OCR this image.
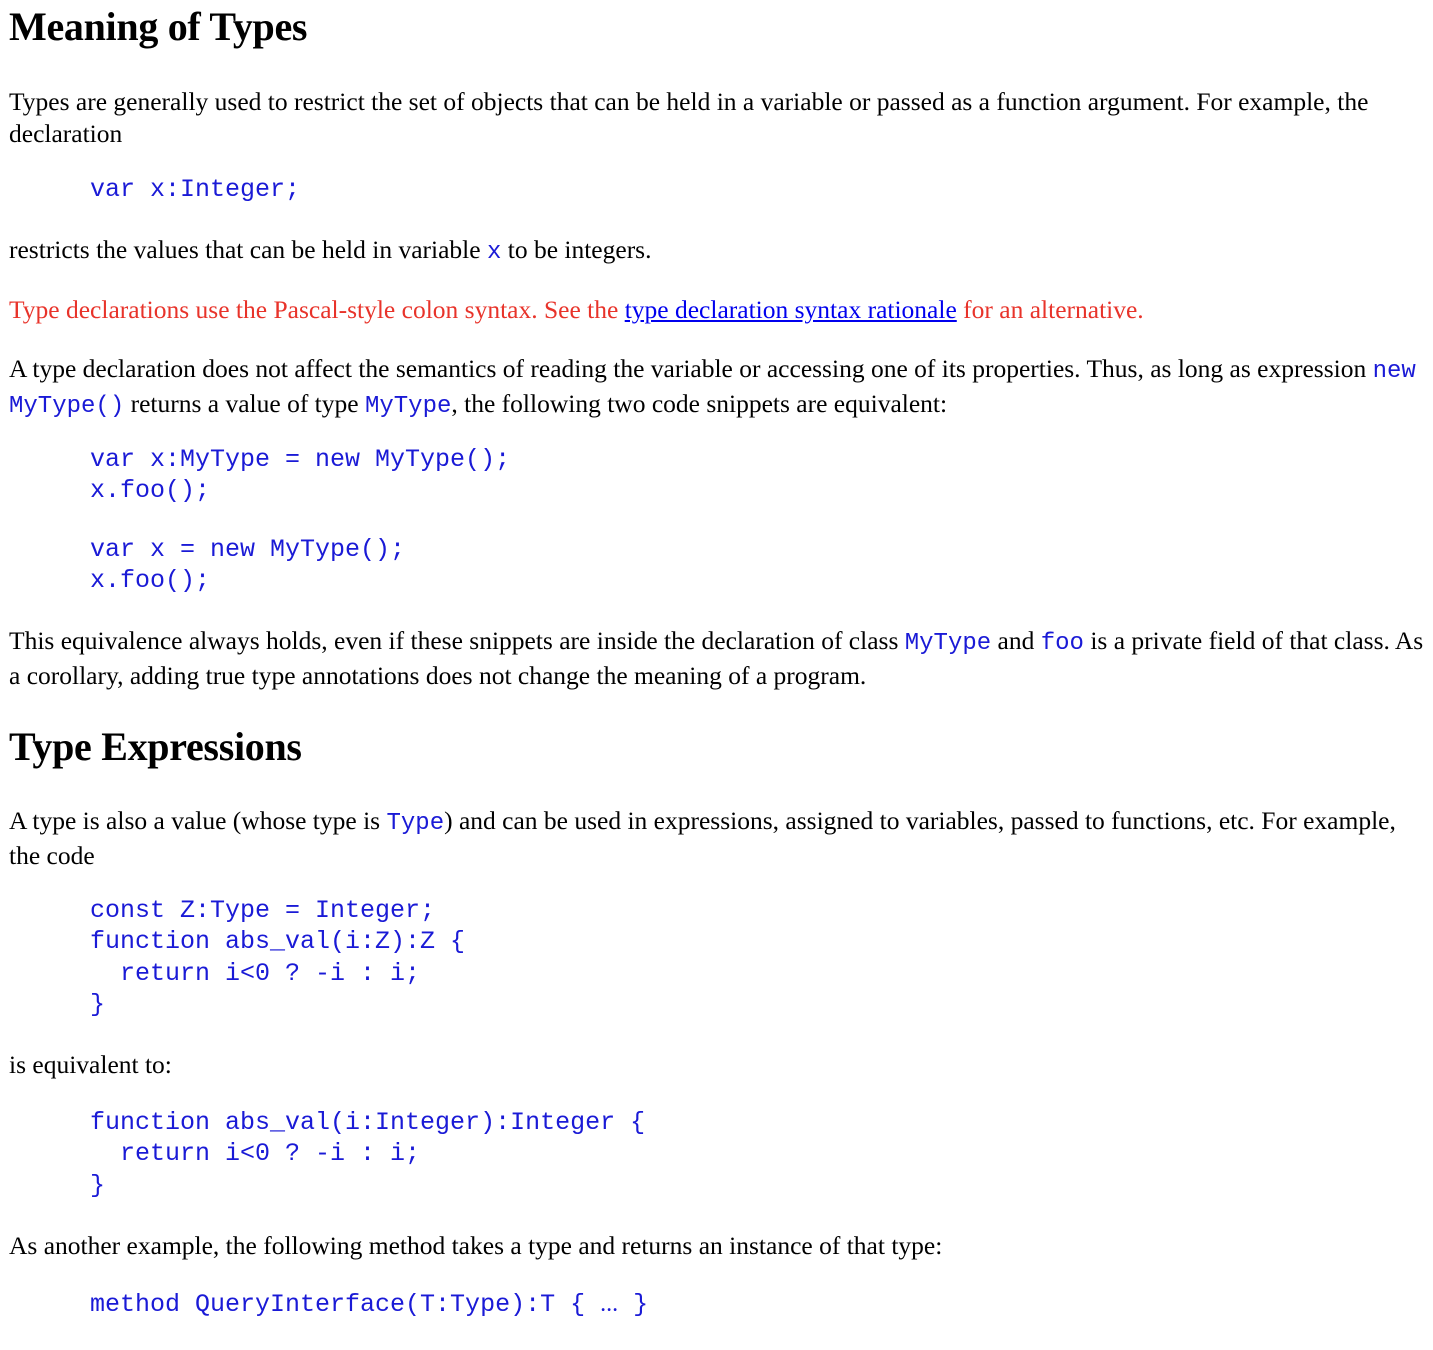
Meaning of Types

Types are generally used to restrict the set of objects that can be held in a variable or passed as a function argument. For example, the declaration

var x:Integer;

restricts the values that can be held in variable x to be integers.

Type declarations use the Pascal-style colon syntax. See the type declaration syntax rationale for an alternative.

A type declaration does not affect the semantics of reading the variable or accessing one of its properties. Thus, as long as expression new MyType() returns a value of type MyType, the following two code snippets are equivalent:

var x:MyType = new MyType();
x.foo();
var x = new MyType();
x.foo();

This equivalence always holds, even if these snippets are inside the declaration of class MyType and foo is a private field of that class. As a corollary, adding true type annotations does not change the meaning of a program.

Type Expressions

A type is also a value (whose type is Type) and can be used in expressions, assigned to variables, passed to functions, etc. For example, the code

const Z:Type = Integer;
function abs_val(i:Z):Z {
return i<0 ? -i : i;
}

is equivalent to:

function abs_val(i:Integer):Integer {
return i<0 ? -i : i;
}

As another example, the following method takes a type and returns an instance of that type:

method QueryInterface(T:Type):T { ... }
